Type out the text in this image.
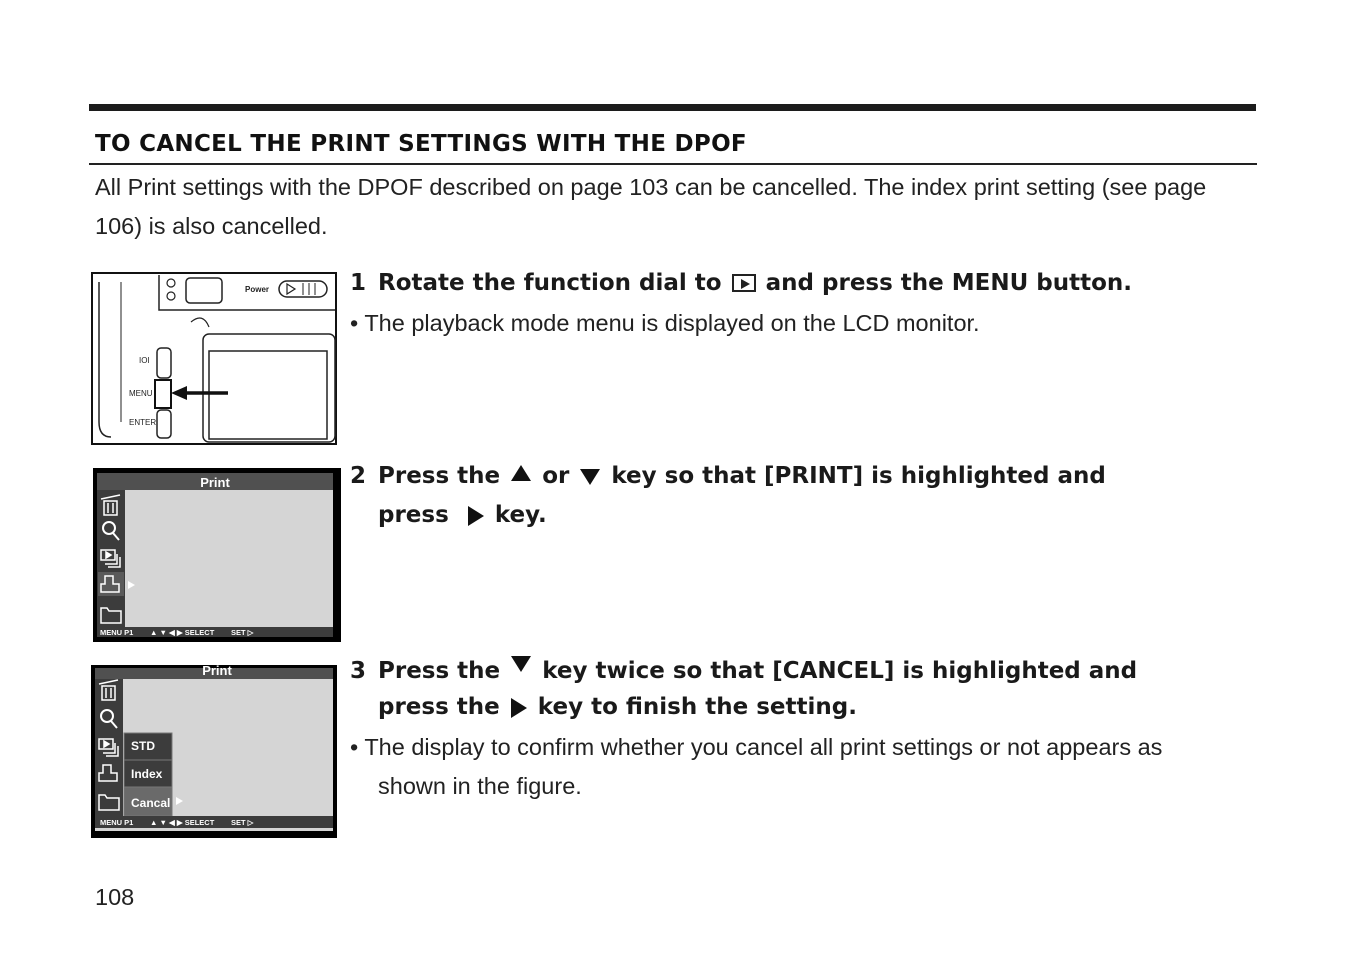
TO CANCEL THE PRINT SETTINGS WITH THE DPOF
All Print settings with the DPOF described on page 103 can be cancelled. The index print setting (see page 106) is also cancelled.
Power
IOI
MENU
ENTER
1 Rotate the function dial to and press the MENU button.
• The playback mode menu is displayed on the LCD monitor.
Print
MENU P1 ▲ ▼ ◀ ▶ SELECT SET ▷
2 Press the or key so that [PRINT] is highlighted and
press key.
Print
STD
Index
Cancal
MENU P1 ▲ ▼ ◀ ▶ SELECT SET ▷
3 Press the key twice so that [CANCEL] is highlighted and
press the key to finish the setting.
• The display to confirm whether you cancel all print settings or not appears as
shown in the figure.
108
